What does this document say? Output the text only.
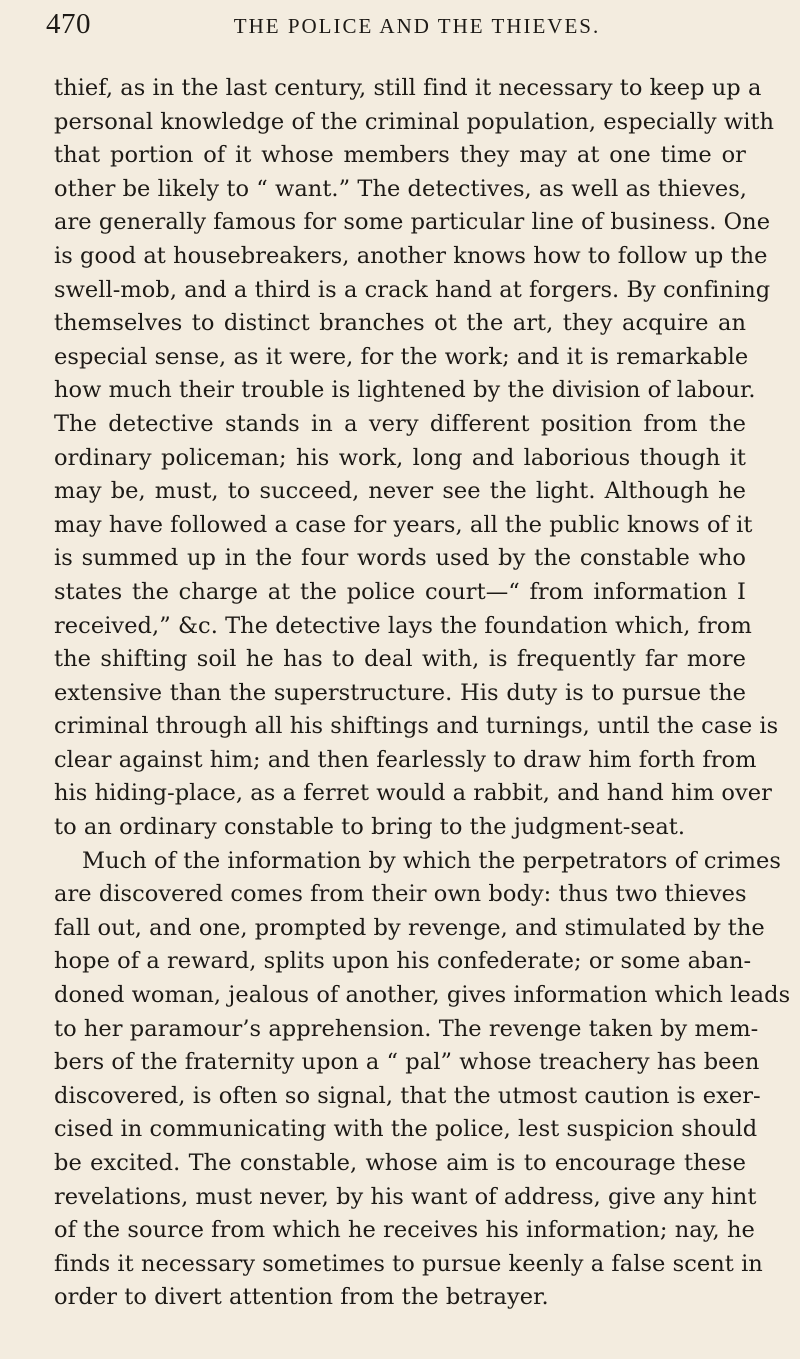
470	THE POLICE AND THE THIEVES.
thief, as in the last century, still find it necessary to keep up a
personal knowledge of the criminal population, especially with
that portion of it whose members they may at one time or
other be likely to “ want.” The detectives, as well as thieves,
are generally famous for some particular line of business. One
is good at housebreakers, another knows how to follow up the
swell-mob, and a third is a crack hand at forgers. By confining
themselves to distinct branches ot the art, they acquire an
especial sense, as it were, for the work; and it is remarkable
how much their trouble is lightened by the division of labour.
The detective stands in a very different position from the
ordinary policeman; his work, long and laborious though it
may be, must, to succeed, never see the light. Although he
may have followed a case for years, all the public knows of it
is summed up in the four words used by the constable who
states the charge at the police court—“ from information I
received,” &c. The detective lays the foundation which, from
the shifting soil he has to deal with, is frequently far more
extensive than the superstructure. His duty is to pursue the
criminal through all his shiftings and turnings, until the case is
clear against him; and then fearlessly to draw him forth from
his hiding-place, as a ferret would a rabbit, and hand him over
to an ordinary constable to bring to the judgment-seat.
Much of the information by which the perpetrators of crimes
are discovered comes from their own body: thus two thieves
fall out, and one, prompted by revenge, and stimulated by the
hope of a reward, splits upon his confederate; or some aban-
doned woman, jealous of another, gives information which leads
to her paramour’s apprehension. The revenge taken by mem-
bers of the fraternity upon a “ pal” whose treachery has been
discovered, is often so signal, that the utmost caution is exer-
cised in communicating with the police, lest suspicion should
be excited. The constable, whose aim is to encourage these
revelations, must never, by his want of address, give any hint
of the source from which he receives his information; nay, he
finds it necessary sometimes to pursue keenly a false scent in
order to divert attention from the betrayer.
